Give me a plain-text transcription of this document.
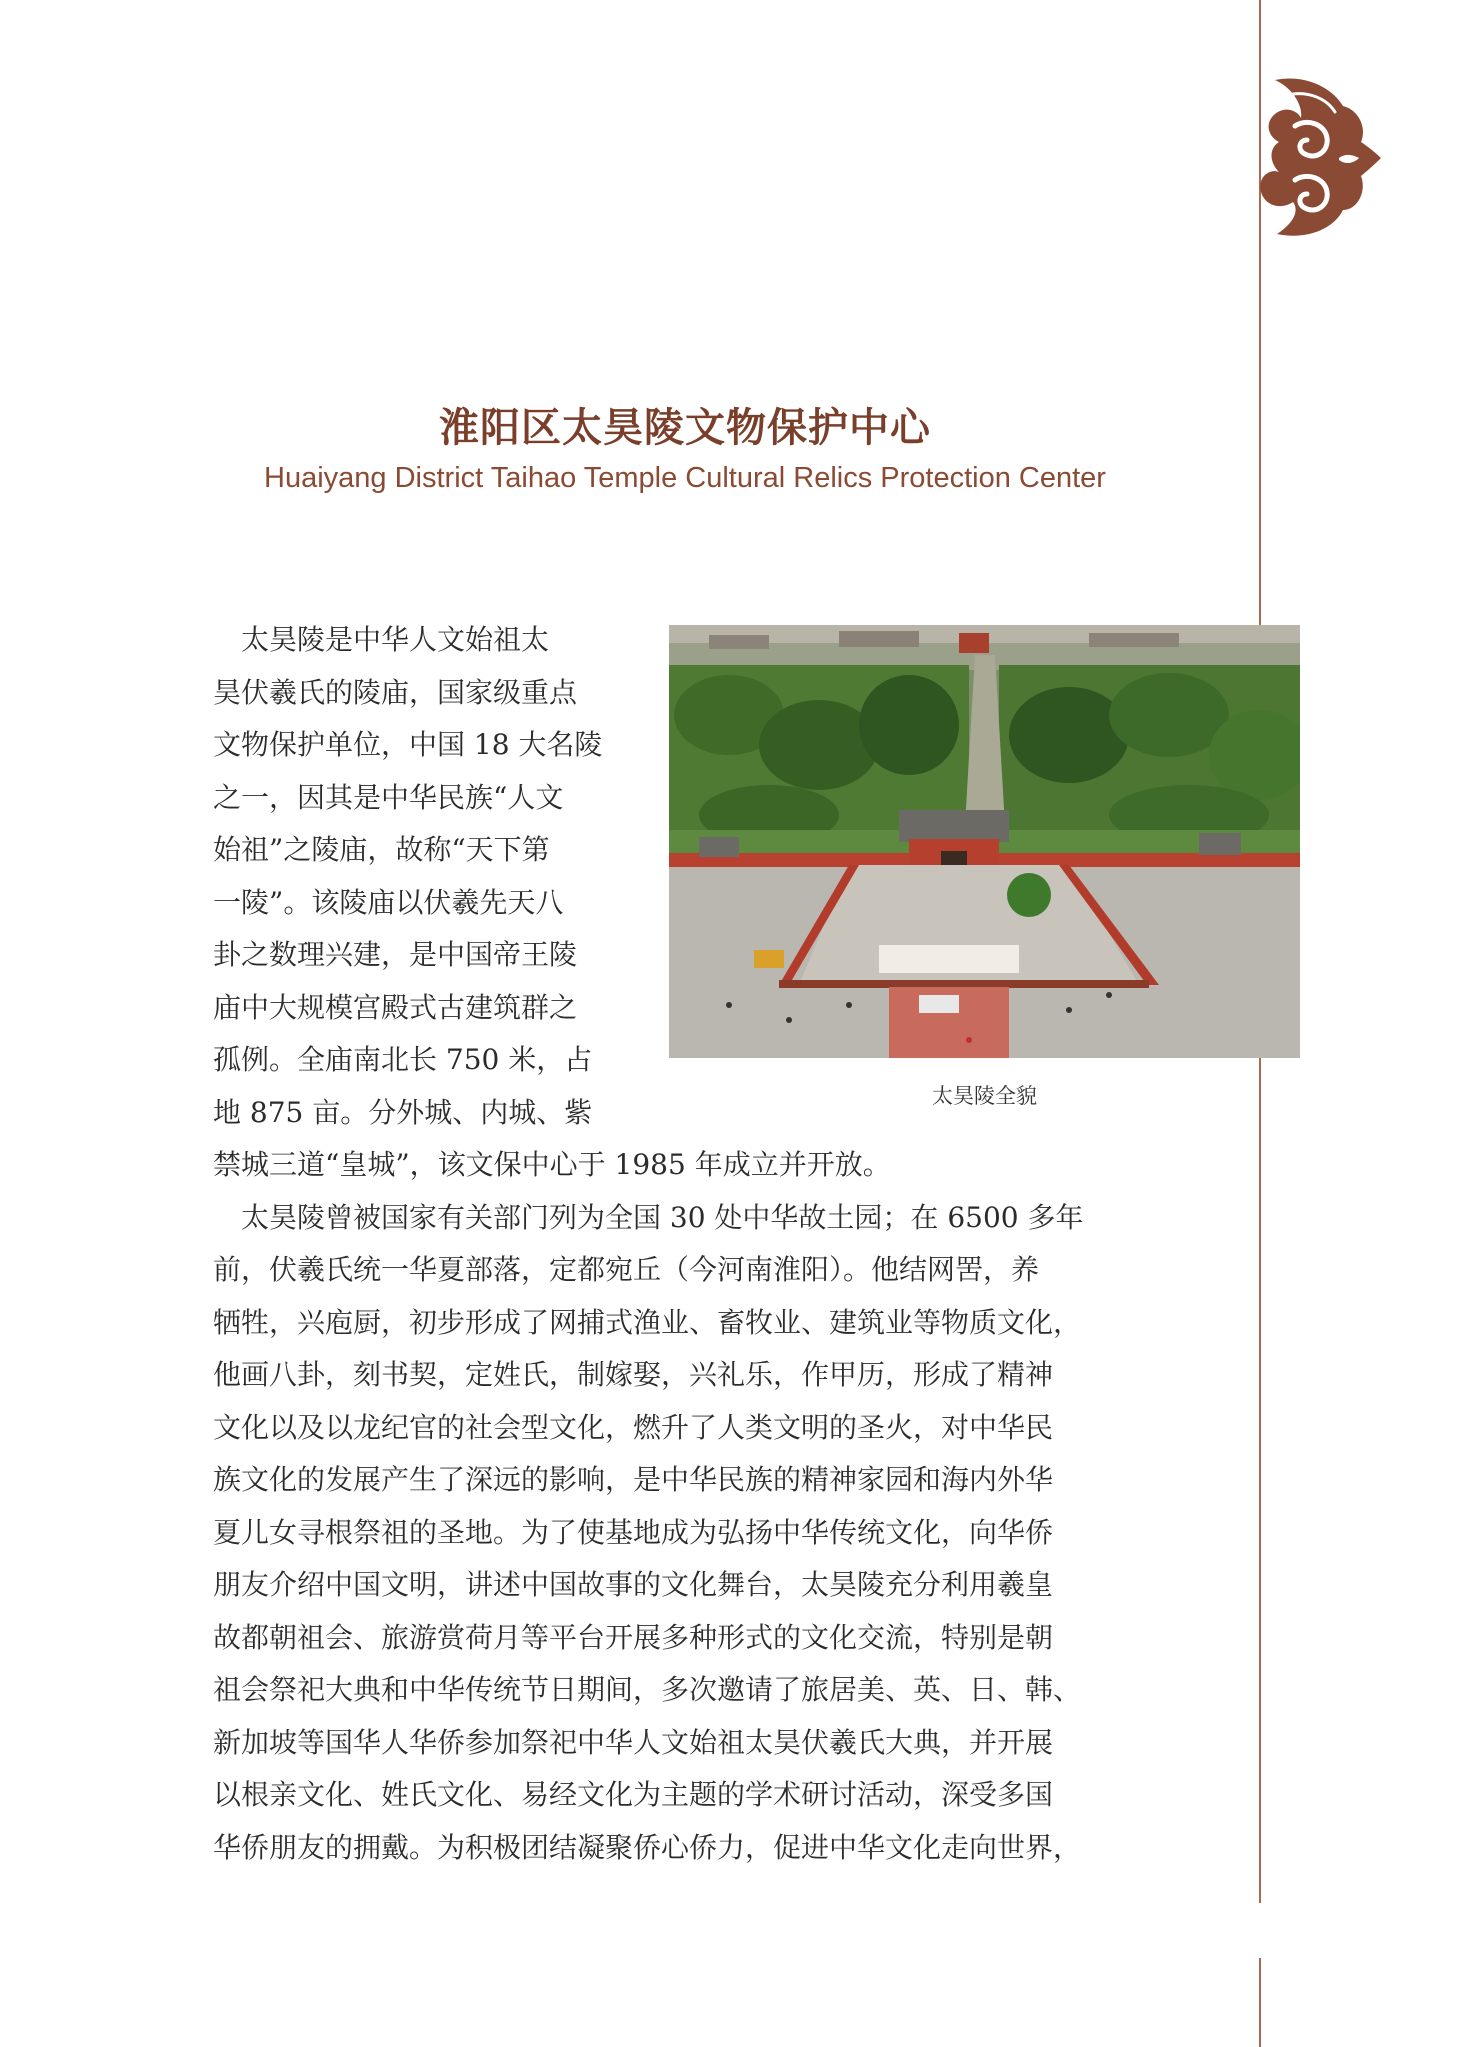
淮阳区太昊陵文物保护中心
Huaiyang District Taihao Temple Cultural Relics Protection Center
太昊陵全貌
　太昊陵是中华人文始祖太
昊伏羲氏的陵庙，国家级重点
文物保护单位，中国 18 大名陵
之一，因其是中华民族“人文
始祖”之陵庙，故称“天下第
一陵”。该陵庙以伏羲先天八
卦之数理兴建，是中国帝王陵
庙中大规模宫殿式古建筑群之
孤例。全庙南北长 750 米，占
地 875 亩。分外城、内城、紫
禁城三道“皇城”，该文保中心于 1985 年成立并开放。
　太昊陵曾被国家有关部门列为全国 30 处中华故土园；在 6500 多年
前，伏羲氏统一华夏部落，定都宛丘（今河南淮阳）。他结网罟，养
牺牲，兴庖厨，初步形成了网捕式渔业、畜牧业、建筑业等物质文化，
他画八卦，刻书契，定姓氏，制嫁娶，兴礼乐，作甲历，形成了精神
文化以及以龙纪官的社会型文化，燃升了人类文明的圣火，对中华民
族文化的发展产生了深远的影响，是中华民族的精神家园和海内外华
夏儿女寻根祭祖的圣地。为了使基地成为弘扬中华传统文化，向华侨
朋友介绍中国文明，讲述中国故事的文化舞台，太昊陵充分利用羲皇
故都朝祖会、旅游赏荷月等平台开展多种形式的文化交流，特别是朝
祖会祭祀大典和中华传统节日期间，多次邀请了旅居美、英、日、韩、
新加坡等国华人华侨参加祭祀中华人文始祖太昊伏羲氏大典，并开展
以根亲文化、姓氏文化、易经文化为主题的学术研讨活动，深受多国
华侨朋友的拥戴。为积极团结凝聚侨心侨力，促进中华文化走向世界，
